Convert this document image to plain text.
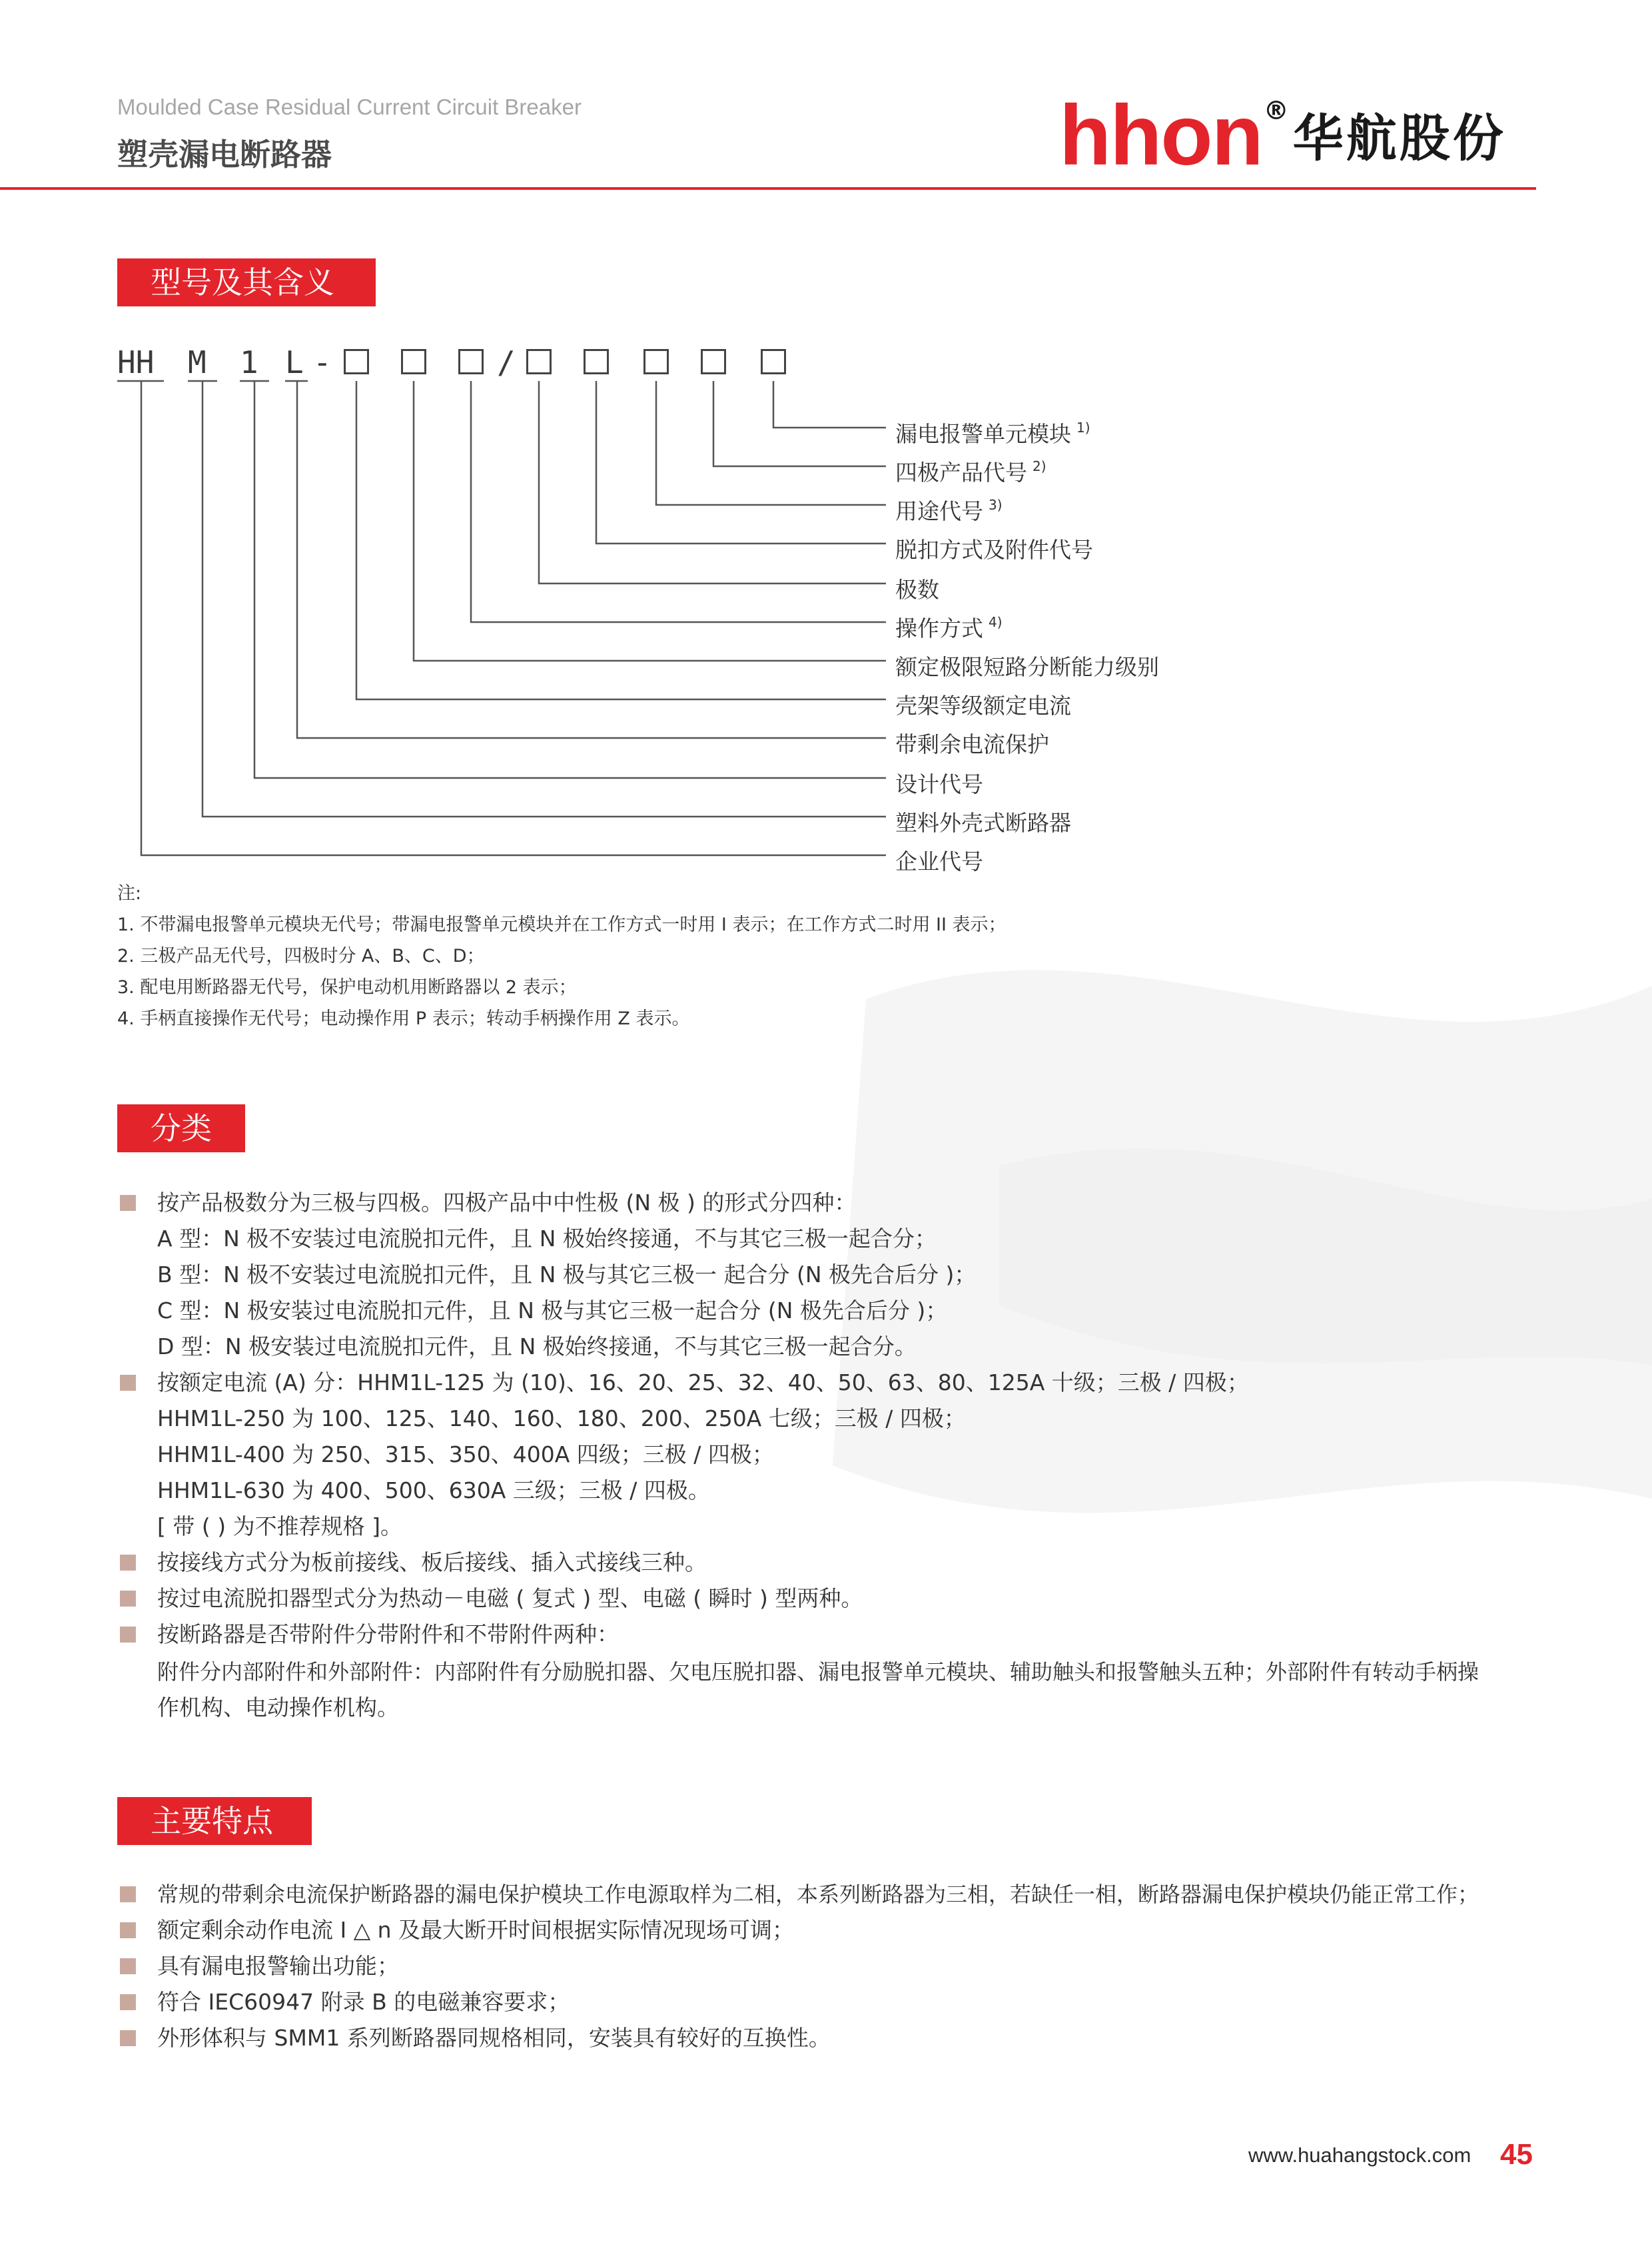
Moulded Case Residual Current Circuit Breaker
塑壳漏电断路器	hhon®华航股份
型号及其含义
HH M 1 L -	/
漏电报警单元模块 $^{1)}$
四极产品代号 $^{2)}$
用途代号 $^{3)}$
脱扣方式及附件代号
极数
操作方式 $^{4)}$
额定极限短路分断能力级别
壳架等级额定电流
带剩余电流保护
设计代号
塑料外壳式断路器
企业代号
注:
1. 不带漏电报警单元模块无代号；带漏电报警单元模块并在工作方式一时用 I 表示；在工作方式二时用 II 表示；
2. 三极产品无代号，四极时分 A、B、C、D；
3. 配电用断路器无代号，保护电动机用断路器以 2 表示；
4. 手柄直接操作无代号；电动操作用 P 表示；转动手柄操作用 Z 表示。
分类
按产品极数分为三极与四极。四极产品中中性极 (N 极 ) 的形式分四种：
A 型：N 极不安装过电流脱扣元件，且 N 极始终接通，不与其它三极一起合分；
B 型：N 极不安装过电流脱扣元件，且 N 极与其它三极一 起合分 (N 极先合后分 )；
C 型：N 极安装过电流脱扣元件，且 N 极与其它三极一起合分 (N 极先合后分 )；
D 型：N 极安装过电流脱扣元件，且 N 极始终接通，不与其它三极一起合分。
按额定电流 (A) 分：HHM1L-125 为 (10)、16、20、25、32、40、50、63、80、125A 十级；三极 / 四极；
HHM1L-250 为 100、125、140、160、180、200、250A 七级；三极 / 四极；
HHM1L-400 为 250、315、350、400A 四级；三极 / 四极；
HHM1L-630 为 400、500、630A 三级；三极 / 四极。
[ 带 ( ) 为不推荐规格 ]。
按接线方式分为板前接线、板后接线、插入式接线三种。
按过电流脱扣器型式分为热动－电磁 ( 复式 ) 型、电磁 ( 瞬时 ) 型两种。
按断路器是否带附件分带附件和不带附件两种：
附件分内部附件和外部附件：内部附件有分励脱扣器、欠电压脱扣器、漏电报警单元模块、辅助触头和报警触头五种；外部附件有转动手柄操
作机构、电动操作机构。
主要特点
常规的带剩余电流保护断路器的漏电保护模块工作电源取样为二相，本系列断路器为三相，若缺任一相，断路器漏电保护模块仍能正常工作；
额定剩余动作电流 I △ n 及最大断开时间根据实际情况现场可调；
具有漏电报警输出功能；
符合 IEC60947 附录 B 的电磁兼容要求；
外形体积与 SMM1 系列断路器同规格相同，安装具有较好的互换性。
www.huahangstock.com 45
